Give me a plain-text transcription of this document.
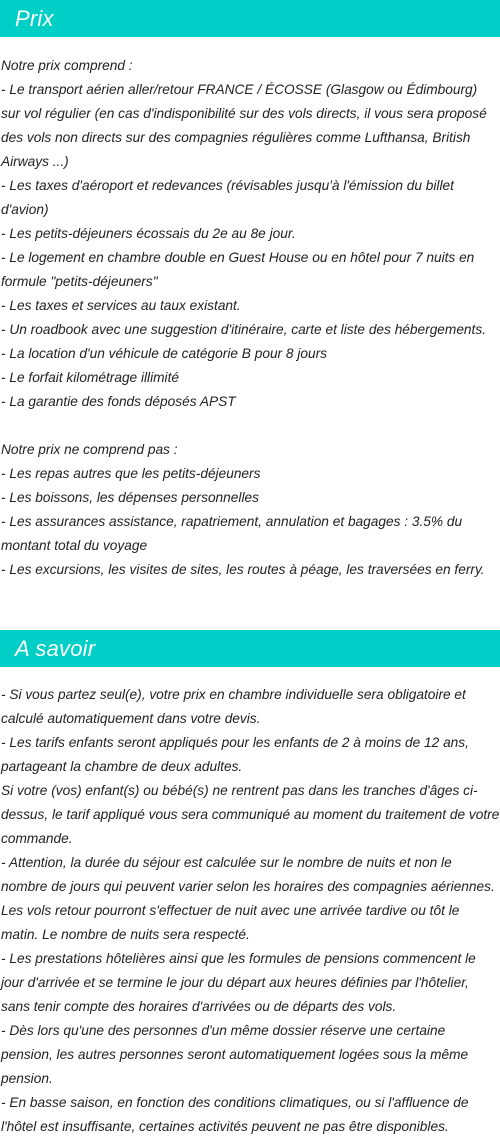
Prix
Notre prix comprend :
- Le transport aérien aller/retour FRANCE / ÉCOSSE (Glasgow ou Édimbourg) sur vol régulier (en cas d'indisponibilité sur des vols directs, il vous sera proposé des vols non directs sur des compagnies régulières comme Lufthansa, British Airways ...)
- Les taxes d'aéroport et redevances (révisables jusqu'à l'émission du billet d'avion)
- Les petits-déjeuners écossais du 2e au 8e jour.
- Le logement en chambre double en Guest House ou en hôtel pour 7 nuits en formule "petits-déjeuners"
- Les taxes et services au taux existant.
- Un roadbook avec une suggestion d'itinéraire, carte et liste des hébergements.
- La location d'un véhicule de catégorie B pour 8 jours
- Le forfait kilométrage illimité
- La garantie des fonds déposés APST
Notre prix ne comprend pas :
- Les repas autres que les petits-déjeuners
- Les boissons, les dépenses personnelles
- Les assurances assistance, rapatriement, annulation et bagages : 3.5% du montant total du voyage
- Les excursions, les visites de sites, les routes à péage, les traversées en ferry.
A savoir
- Si vous partez seul(e), votre prix en chambre individuelle sera obligatoire et calculé automatiquement dans votre devis.
- Les tarifs enfants seront appliqués pour les enfants de 2 à moins de 12 ans, partageant la chambre de deux adultes.
Si votre (vos) enfant(s) ou bébé(s) ne rentrent pas dans les tranches d'âges ci-dessus, le tarif appliqué vous sera communiqué au moment du traitement de votre commande.
- Attention, la durée du séjour est calculée sur le nombre de nuits et non le nombre de jours qui peuvent varier selon les horaires des compagnies aériennes. Les vols retour pourront s'effectuer de nuit avec une arrivée tardive ou tôt le matin. Le nombre de nuits sera respecté.
- Les prestations hôtelières ainsi que les formules de pensions commencent le jour d'arrivée et se termine le jour du départ aux heures définies par l'hôtelier, sans tenir compte des horaires d'arrivées ou de départs des vols.
- Dès lors qu'une des personnes d'un même dossier réserve une certaine pension, les autres personnes seront automatiquement logées sous la même pension.
- En basse saison, en fonction des conditions climatiques, ou si l'affluence de l'hôtel est insuffisante, certaines activités peuvent ne pas être disponibles.
